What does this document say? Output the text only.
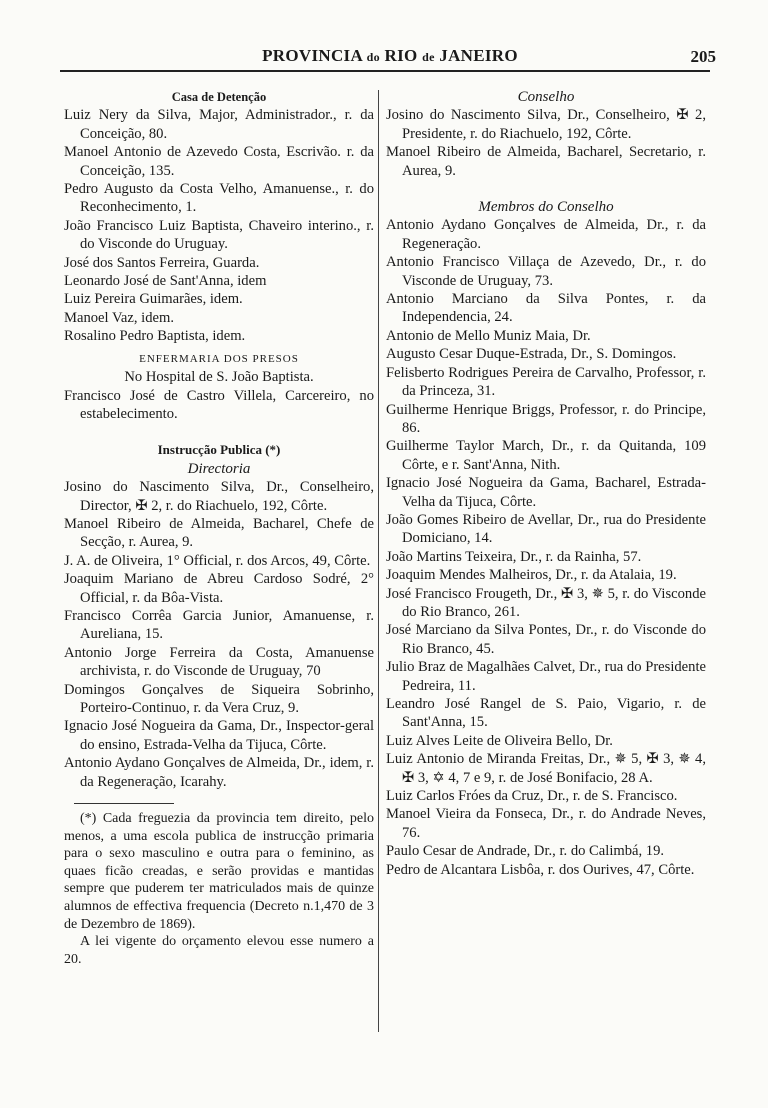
PROVINCIA do RIO de JANEIRO	205
Casa de Detenção
Luiz Nery da Silva, Major, Administrador., r. da Conceição, 80.
Manoel Antonio de Azevedo Costa, Escrivão. r. da Conceição, 135.
Pedro Augusto da Costa Velho, Amanuense., r. do Reconhecimento, 1.
João Francisco Luiz Baptista, Chaveiro interino., r. do Visconde do Uruguay.
José dos Santos Ferreira, Guarda.
Leonardo José de Sant'Anna, idem
Luiz Pereira Guimarães, idem.
Manoel Vaz, idem.
Rosalino Pedro Baptista, idem.
ENFERMARIA DOS PRESOS
No Hospital de S. João Baptista.
Francisco José de Castro Villela, Carcereiro, no estabelecimento.
Instrucção Publica (*)
Directoria
Josino do Nascimento Silva, Dr., Conselheiro, Director, ✠ 2, r. do Riachuelo, 192, Côrte.
Manoel Ribeiro de Almeida, Bacharel, Chefe de Secção, r. Aurea, 9.
J. A. de Oliveira, 1° Official, r. dos Arcos, 49, Côrte.
Joaquim Mariano de Abreu Cardoso Sodré, 2° Official, r. da Bôa-Vista.
Francisco Corrêa Garcia Junior, Amanuense, r. Aureliana, 15.
Antonio Jorge Ferreira da Costa, Amanuense archivista, r. do Visconde de Uruguay, 70
Domingos Gonçalves de Siqueira Sobrinho, Porteiro-Continuo, r. da Vera Cruz, 9.
Ignacio José Nogueira da Gama, Dr., Inspector-geral do ensino, Estrada-Velha da Tijuca, Côrte.
Antonio Aydano Gonçalves de Almeida, Dr., idem, r. da Regeneração, Icarahy.

(*) Cada freguezia da provincia tem direito, pelo menos, a uma escola publica de instrucção primaria para o sexo masculino e outra para o feminino, as quaes ficão creadas, e serão providas e mantidas sempre que puderem ter matriculados mais de quinze alumnos de effectiva frequencia (Decreto n.1,470 de 3 de Dezembro de 1869).

A lei vigente do orçamento elevou esse numero a 20.

Conselho
Josino do Nascimento Silva, Dr., Conselheiro, ✠ 2, Presidente, r. do Riachuelo, 192, Côrte.
Manoel Ribeiro de Almeida, Bacharel, Secretario, r. Aurea, 9.
Membros do Conselho
Antonio Aydano Gonçalves de Almeida, Dr., r. da Regeneração.
Antonio Francisco Villaça de Azevedo, Dr., r. do Visconde de Uruguay, 73.
Antonio Marciano da Silva Pontes, r. da Independencia, 24.
Antonio de Mello Muniz Maia, Dr.
Augusto Cesar Duque-Estrada, Dr., S. Domingos.
Felisberto Rodrigues Pereira de Carvalho, Professor, r. da Princeza, 31.
Guilherme Henrique Briggs, Professor, r. do Principe, 86.
Guilherme Taylor March, Dr., r. da Quitanda, 109 Côrte, e r. Sant'Anna, Nith.
Ignacio José Nogueira da Gama, Bacharel, Estrada-Velha da Tijuca, Côrte.
João Gomes Ribeiro de Avellar, Dr., rua do Presidente Domiciano, 14.
João Martins Teixeira, Dr., r. da Rainha, 57.
Joaquim Mendes Malheiros, Dr., r. da Atalaia, 19.
José Francisco Frougeth, Dr., ✠ 3, ✵ 5, r. do Visconde do Rio Branco, 261.
José Marciano da Silva Pontes, Dr., r. do Visconde do Rio Branco, 45.
Julio Braz de Magalhães Calvet, Dr., rua do Presidente Pedreira, 11.
Leandro José Rangel de S. Paio, Vigario, r. de Sant'Anna, 15.
Luiz Alves Leite de Oliveira Bello, Dr.
Luiz Antonio de Miranda Freitas, Dr., ✵ 5, ✠ 3, ✵ 4, ✠ 3, ✡ 4, 7 e 9, r. de José Bonifacio, 28 A.
Luiz Carlos Fróes da Cruz, Dr., r. de S. Francisco.
Manoel Vieira da Fonseca, Dr., r. do Andrade Neves, 76.
Paulo Cesar de Andrade, Dr., r. do Calimbá, 19.
Pedro de Alcantara Lisbôa, r. dos Ourives, 47, Côrte.
